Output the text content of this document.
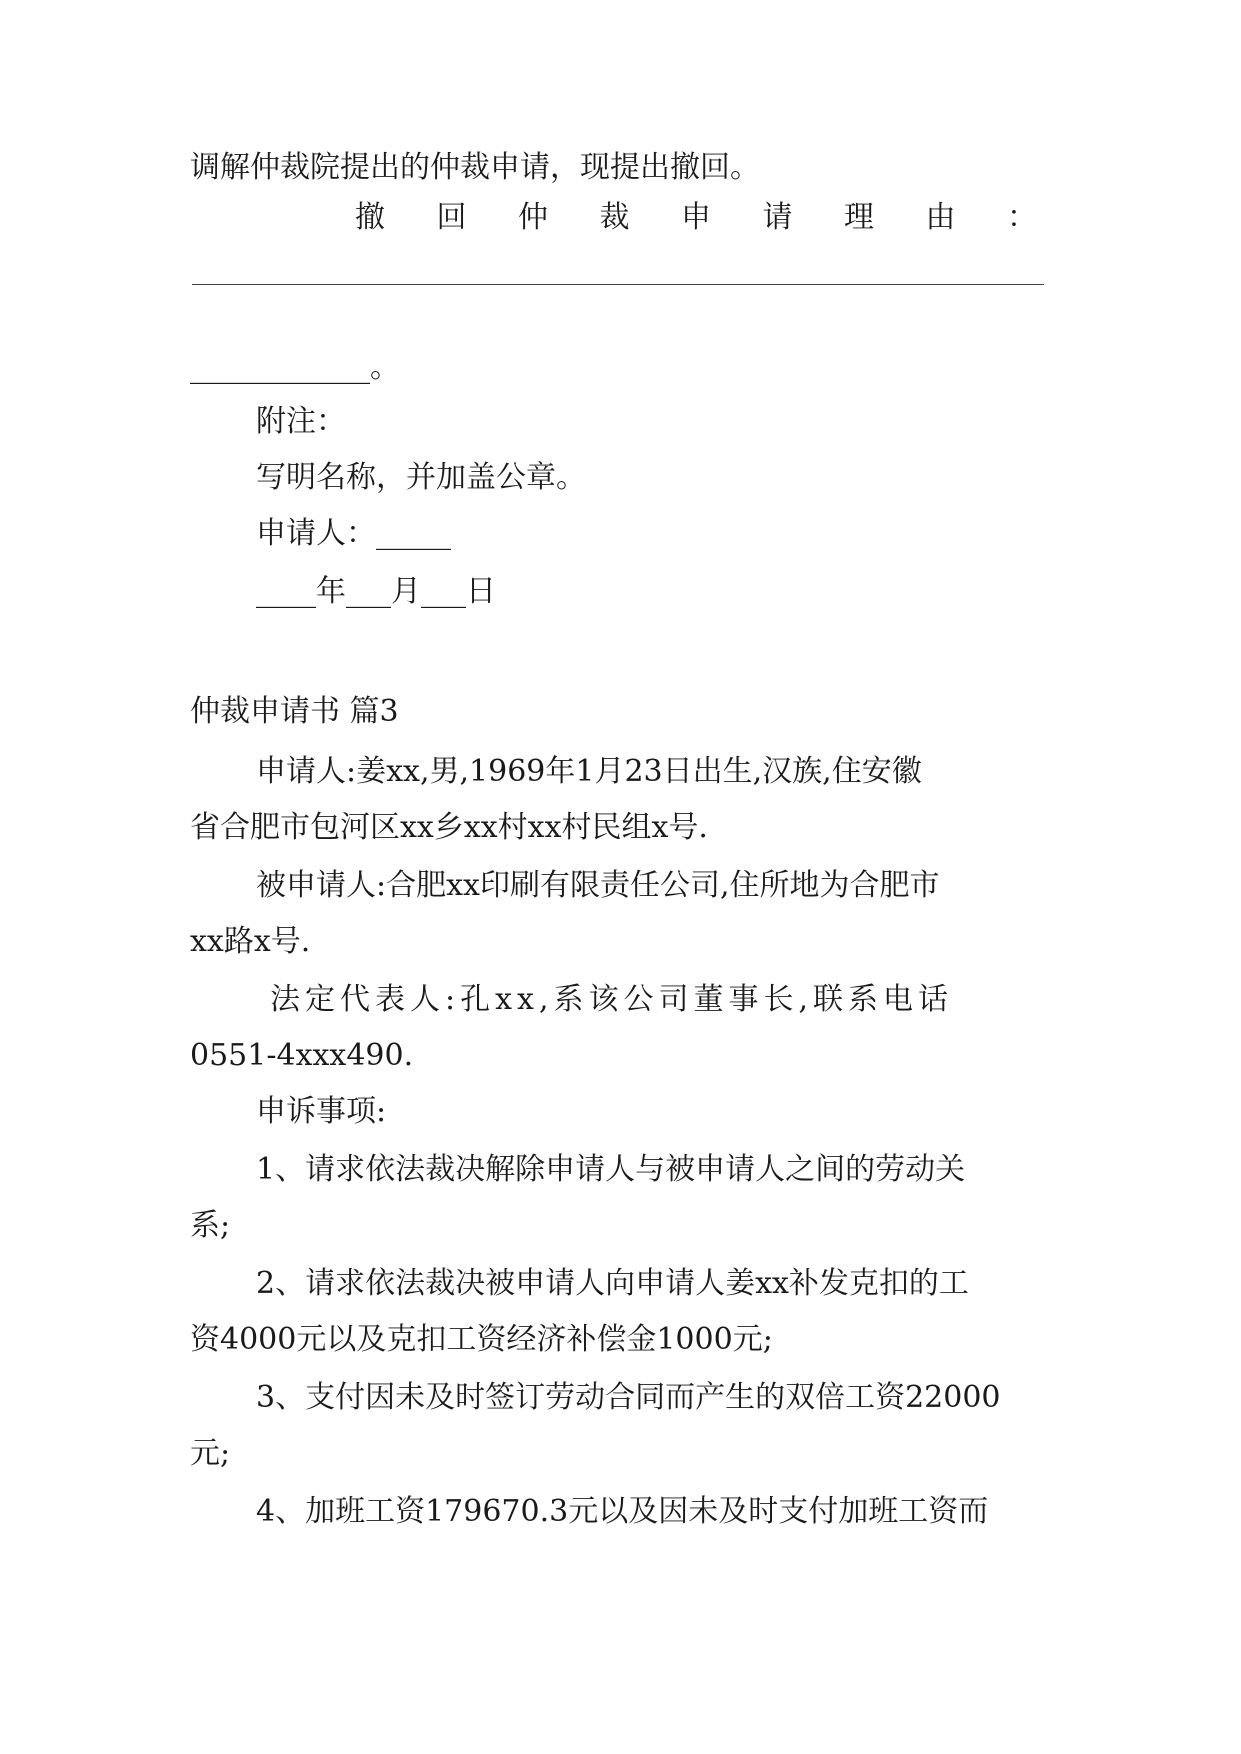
调解仲裁院提出的仲裁申请，现提出撤回。

撤 回 仲 裁 申 请 理 由 ：

____________。

附注：

写明名称，并加盖公章。

申请人：_____

____年___月___日

仲裁申请书 篇3

申请人:姜xx,男,1969年1月23日出生,汉族,住安徽

省合肥市包河区xx乡xx村xx村民组x号.

被申请人:合肥xx印刷有限责任公司,住所地为合肥市

xx路x号.

法定代表人:孔xx,系该公司董事长,联系电话

0551-4xxx490.

申诉事项:

1、请求依法裁决解除申请人与被申请人之间的劳动关

系;

2、请求依法裁决被申请人向申请人姜xx补发克扣的工

资4000元以及克扣工资经济补偿金1000元;

3、支付因未及时签订劳动合同而产生的双倍工资22000

元;

4、加班工资179670.3元以及因未及时支付加班工资而
